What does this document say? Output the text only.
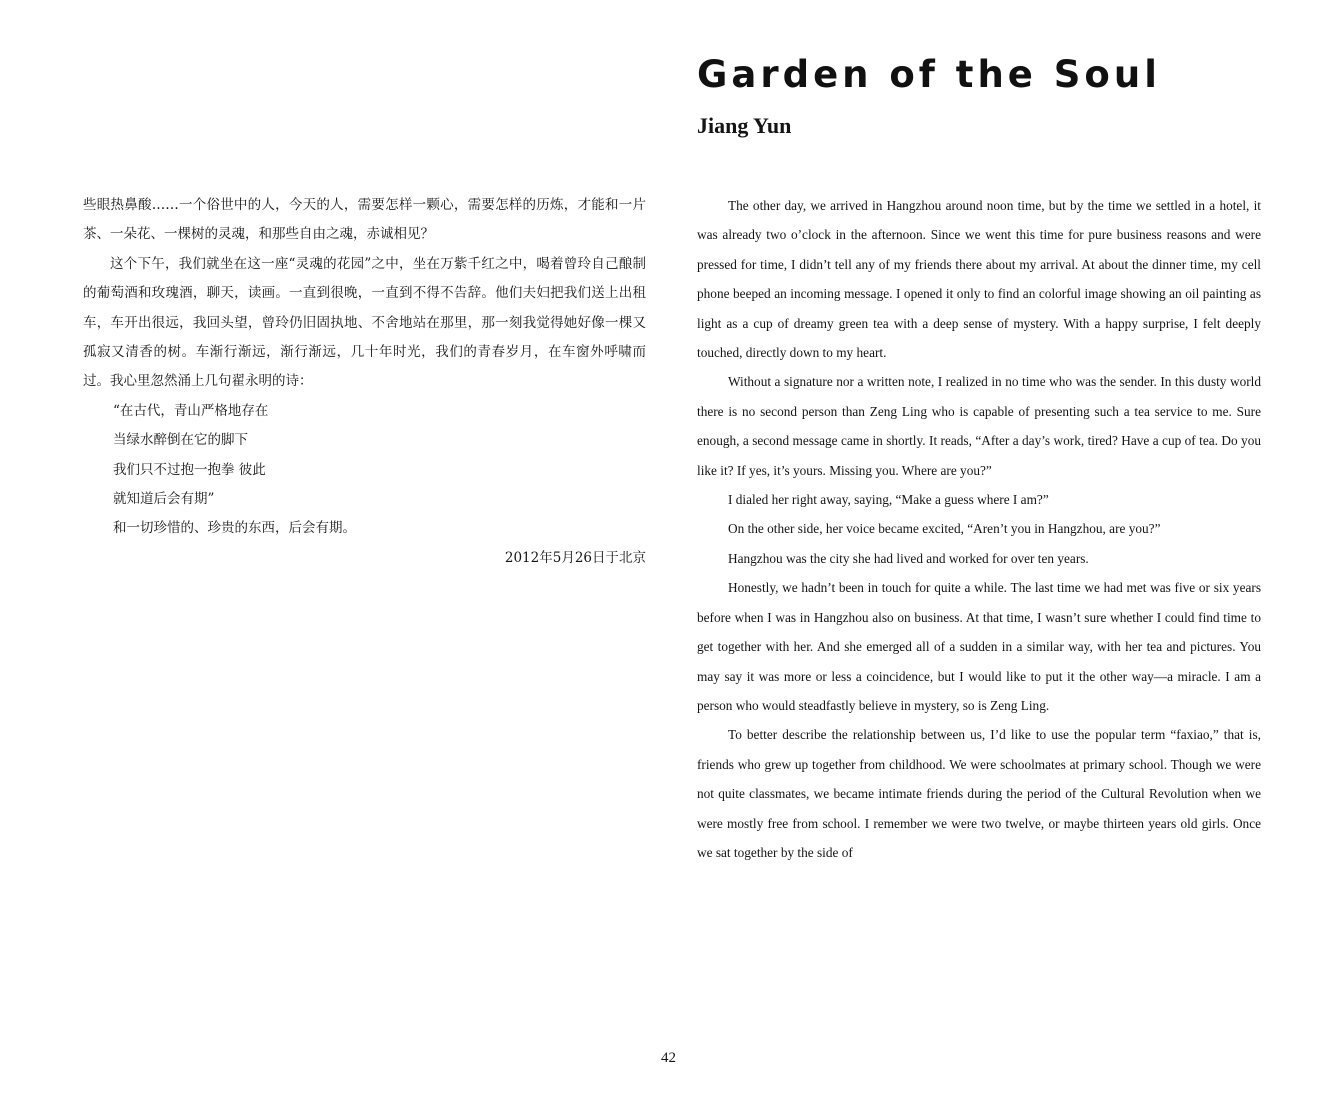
些眼热鼻酸……一个俗世中的人，今天的人，需要怎样一颗心，需要怎样的历炼，才能和一片茶、一朵花、一棵树的灵魂，和那些自由之魂，赤诚相见？

这个下午，我们就坐在这一座“灵魂的花园”之中，坐在万紫千红之中，喝着曾玲自己酿制的葡萄酒和玫瑰酒，聊天，读画。一直到很晚，一直到不得不告辞。他们夫妇把我们送上出租车，车开出很远，我回头望，曾玲仍旧固执地、不舍地站在那里，那一刻我觉得她好像一棵又孤寂又清香的树。车渐行渐远，渐行渐远，几十年时光，我们的青春岁月，在车窗外呼啸而过。我心里忽然涌上几句翟永明的诗：

“在古代，青山严格地存在

当绿水醉倒在它的脚下

我们只不过抱一抱拳 彼此

就知道后会有期”

和一切珍惜的、珍贵的东西，后会有期。

2012年5月26日于北京

Garden of the Soul
Jiang Yun

The other day, we arrived in Hangzhou around noon time, but by the time we settled in a hotel, it was already two o’clock in the afternoon. Since we went this time for pure business reasons and were pressed for time, I didn’t tell any of my friends there about my arrival. At about the dinner time, my cell phone beeped an incoming message. I opened it only to find an colorful image showing an oil painting as light as a cup of dreamy green tea with a deep sense of mystery. With a happy surprise, I felt deeply touched, directly down to my heart.

Without a signature nor a written note, I realized in no time who was the sender. In this dusty world there is no second person than Zeng Ling who is capable of presenting such a tea service to me. Sure enough, a second message came in shortly. It reads, “After a day’s work, tired? Have a cup of tea. Do you like it? If yes, it’s yours. Missing you. Where are you?”

I dialed her right away, saying, “Make a guess where I am?”

On the other side, her voice became excited, “Aren’t you in Hangzhou, are you?”

Hangzhou was the city she had lived and worked for over ten years.

Honestly, we hadn’t been in touch for quite a while. The last time we had met was five or six years before when I was in Hangzhou also on business. At that time, I wasn’t sure whether I could find time to get together with her. And she emerged all of a sudden in a similar way, with her tea and pictures. You may say it was more or less a coincidence, but I would like to put it the other way—a miracle. I am a person who would steadfastly believe in mystery, so is Zeng Ling.

To better describe the relationship between us, I’d like to use the popular term “faxiao,” that is, friends who grew up together from childhood. We were schoolmates at primary school. Though we were not quite classmates, we became intimate friends during the period of the Cultural Revolution when we were mostly free from school. I remember we were two twelve, or maybe thirteen years old girls. Once we sat together by the side of

42
